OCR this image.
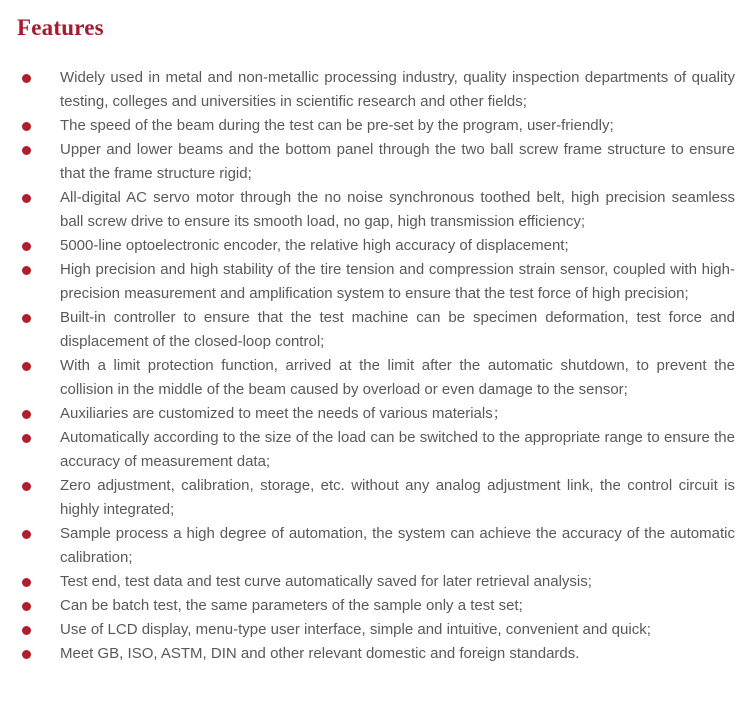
Features
Widely used in metal and non-metallic processing industry, quality inspection departments of quality testing, colleges and universities in scientific research and other fields;
The speed of the beam during the test can be pre-set by the program, user-friendly;
Upper and lower beams and the bottom panel through the two ball screw frame structure to ensure that the frame structure rigid;
All-digital AC servo motor through the no noise synchronous toothed belt, high precision seamless ball screw drive to ensure its smooth load, no gap, high transmission efficiency;
5000-line optoelectronic encoder, the relative high accuracy of displacement;
High precision and high stability of the tire tension and compression strain sensor, coupled with high-precision measurement and amplification system to ensure that the test force of high precision;
Built-in controller to ensure that the test machine can be specimen deformation, test force and displacement of the closed-loop control;
With a limit protection function, arrived at the limit after the automatic shutdown, to prevent the collision in the middle of the beam caused by overload or even damage to the sensor;
Auxiliaries are customized to meet the needs of various materials；
Automatically according to the size of the load can be switched to the appropriate range to ensure the accuracy of measurement data;
Zero adjustment, calibration, storage, etc. without any analog adjustment link, the control circuit is highly integrated;
Sample process a high degree of automation, the system can achieve the accuracy of the automatic calibration;
Test end, test data and test curve automatically saved for later retrieval analysis;
Can be batch test, the same parameters of the sample only a test set;
Use of LCD display, menu-type user interface, simple and intuitive, convenient and quick;
Meet GB, ISO, ASTM, DIN and other relevant domestic and foreign standards.
